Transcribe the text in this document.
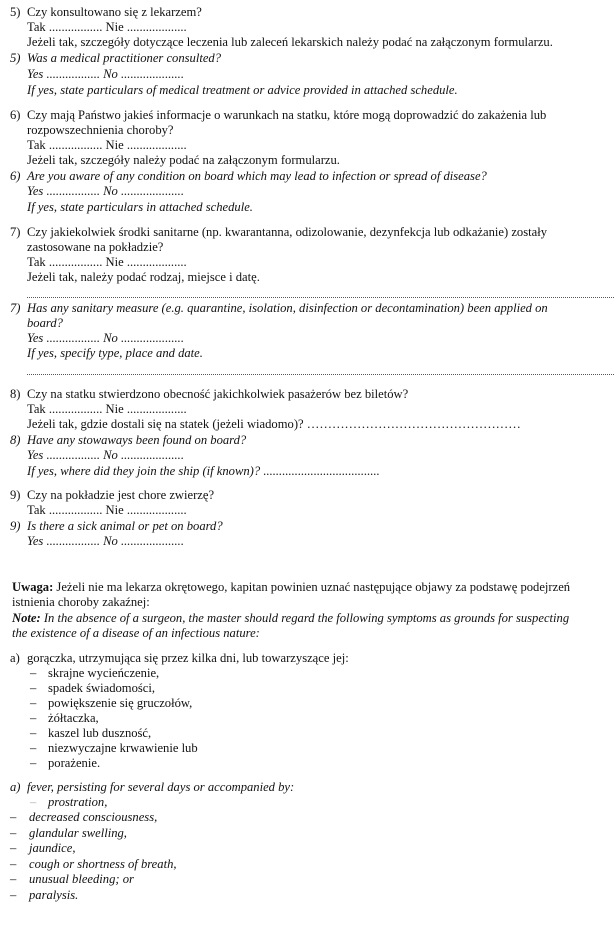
5) Czy konsultowano się z lekarzem?
Tak ................. Nie ...................
Jeżeli tak, szczegóły dotyczące leczenia lub zaleceń lekarskich należy podać na załączonym formularzu.
5) Was a medical practitioner consulted?
Yes ................. No ....................
If yes, state particulars of medical treatment or advice provided in attached schedule.
6) Czy mają Państwo jakieś informacje o warunkach na statku, które mogą doprowadzić do zakażenia lub
rozpowszechnienia choroby?
Tak ................. Nie ...................
Jeżeli tak, szczegóły należy podać na załączonym formularzu.
6) Are you aware of any condition on board which may lead to infection or spread of disease?
Yes ................. No ....................
If yes, state particulars in attached schedule.
7) Czy jakiekolwiek środki sanitarne (np. kwarantanna, odizolowanie, dezynfekcja lub odkażanie) zostały
zastosowane na pokładzie?
Tak ................. Nie ...................
Jeżeli tak, należy podać rodzaj, miejsce i datę.
7) Has any sanitary measure (e.g. quarantine, isolation, disinfection or decontamination) been applied on
board?
Yes ................. No ....................
If yes, specify type, place and date.
8) Czy na statku stwierdzono obecność jakichkolwiek pasażerów bez biletów?
Tak ................. Nie ...................
Jeżeli tak, gdzie dostali się na statek (jeżeli wiadomo)? ……………………………………………
8) Have any stowaways been found on board?
Yes ................. No ....................
If yes, where did they join the ship (if known)? .....................................
9) Czy na pokładzie jest chore zwierzę?
Tak ................. Nie ...................
9) Is there a sick animal or pet on board?
Yes ................. No ....................
Uwaga: Jeżeli nie ma lekarza okrętowego, kapitan powinien uznać następujące objawy za podstawę podejrzeń
istnienia choroby zakaźnej:
Note: In the absence of a surgeon, the master should regard the following symptoms as grounds for suspecting
the existence of a disease of an infectious nature:
a) gorączka, utrzymująca się przez kilka dni, lub towarzyszące jej:
– skrajne wycieńczenie,
– spadek świadomości,
– powiększenie się gruczołów,
– żółtaczka,
– kaszel lub duszność,
– niezwyczajne krwawienie lub
– porażenie.
a) fever, persisting for several days or accompanied by:
– prostration,
– decreased consciousness,
– glandular swelling,
– jaundice,
– cough or shortness of breath,
– unusual bleeding; or
– paralysis.
